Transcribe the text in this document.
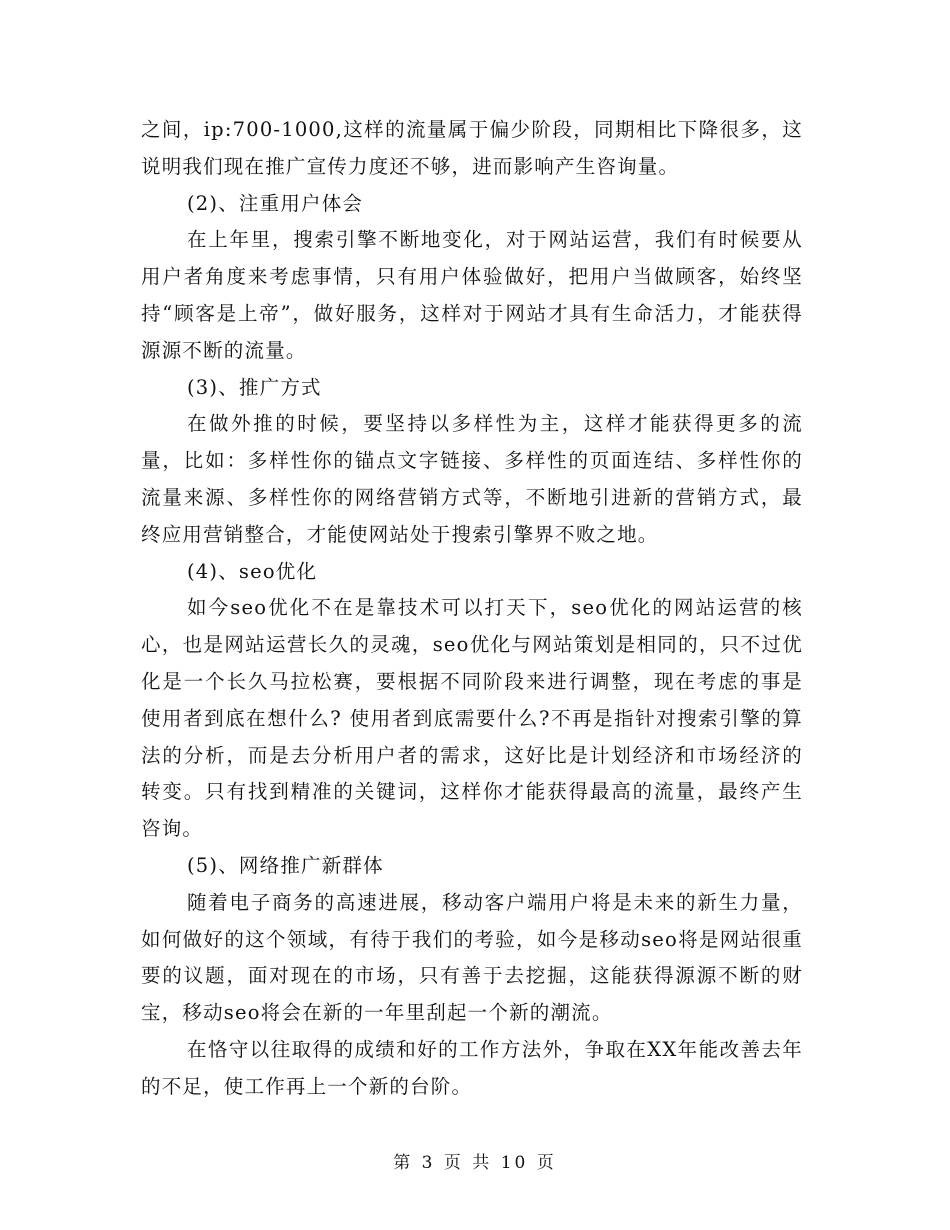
之间，ip:700-1000,这样的流量属于偏少阶段，同期相比下降很多，这说明我们现在推广宣传力度还不够，进而影响产生咨询量。

(2)、注重用户体会

在上年里，搜索引擎不断地变化，对于网站运营，我们有时候要从用户者角度来考虑事情，只有用户体验做好，把用户当做顾客，始终坚持“顾客是上帝”，做好服务，这样对于网站才具有生命活力，才能获得源源不断的流量。

(3)、推广方式

在做外推的时候，要坚持以多样性为主，这样才能获得更多的流量，比如：多样性你的锚点文字链接、多样性的页面连结、多样性你的流量来源、多样性你的网络营销方式等，不断地引进新的营销方式，最终应用营销整合，才能使网站处于搜索引擎界不败之地。

(4)、seo优化

如今seo优化不在是靠技术可以打天下，seo优化的网站运营的核心，也是网站运营长久的灵魂，seo优化与网站策划是相同的，只不过优化是一个长久马拉松赛，要根据不同阶段来进行调整，现在考虑的事是使用者到底在想什么? 使用者到底需要什么?不再是指针对搜索引擎的算法的分析，而是去分析用户者的需求，这好比是计划经济和市场经济的转变。只有找到精准的关键词，这样你才能获得最高的流量，最终产生咨询。

(5)、网络推广新群体

随着电子商务的高速进展，移动客户端用户将是未来的新生力量，如何做好的这个领域，有待于我们的考验，如今是移动seo将是网站很重要的议题，面对现在的市场，只有善于去挖掘，这能获得源源不断的财宝，移动seo将会在新的一年里刮起一个新的潮流。

在恪守以往取得的成绩和好的工作方法外，争取在XX年能改善去年的不足，使工作再上一个新的台阶。

第 3 页 共 10 页
